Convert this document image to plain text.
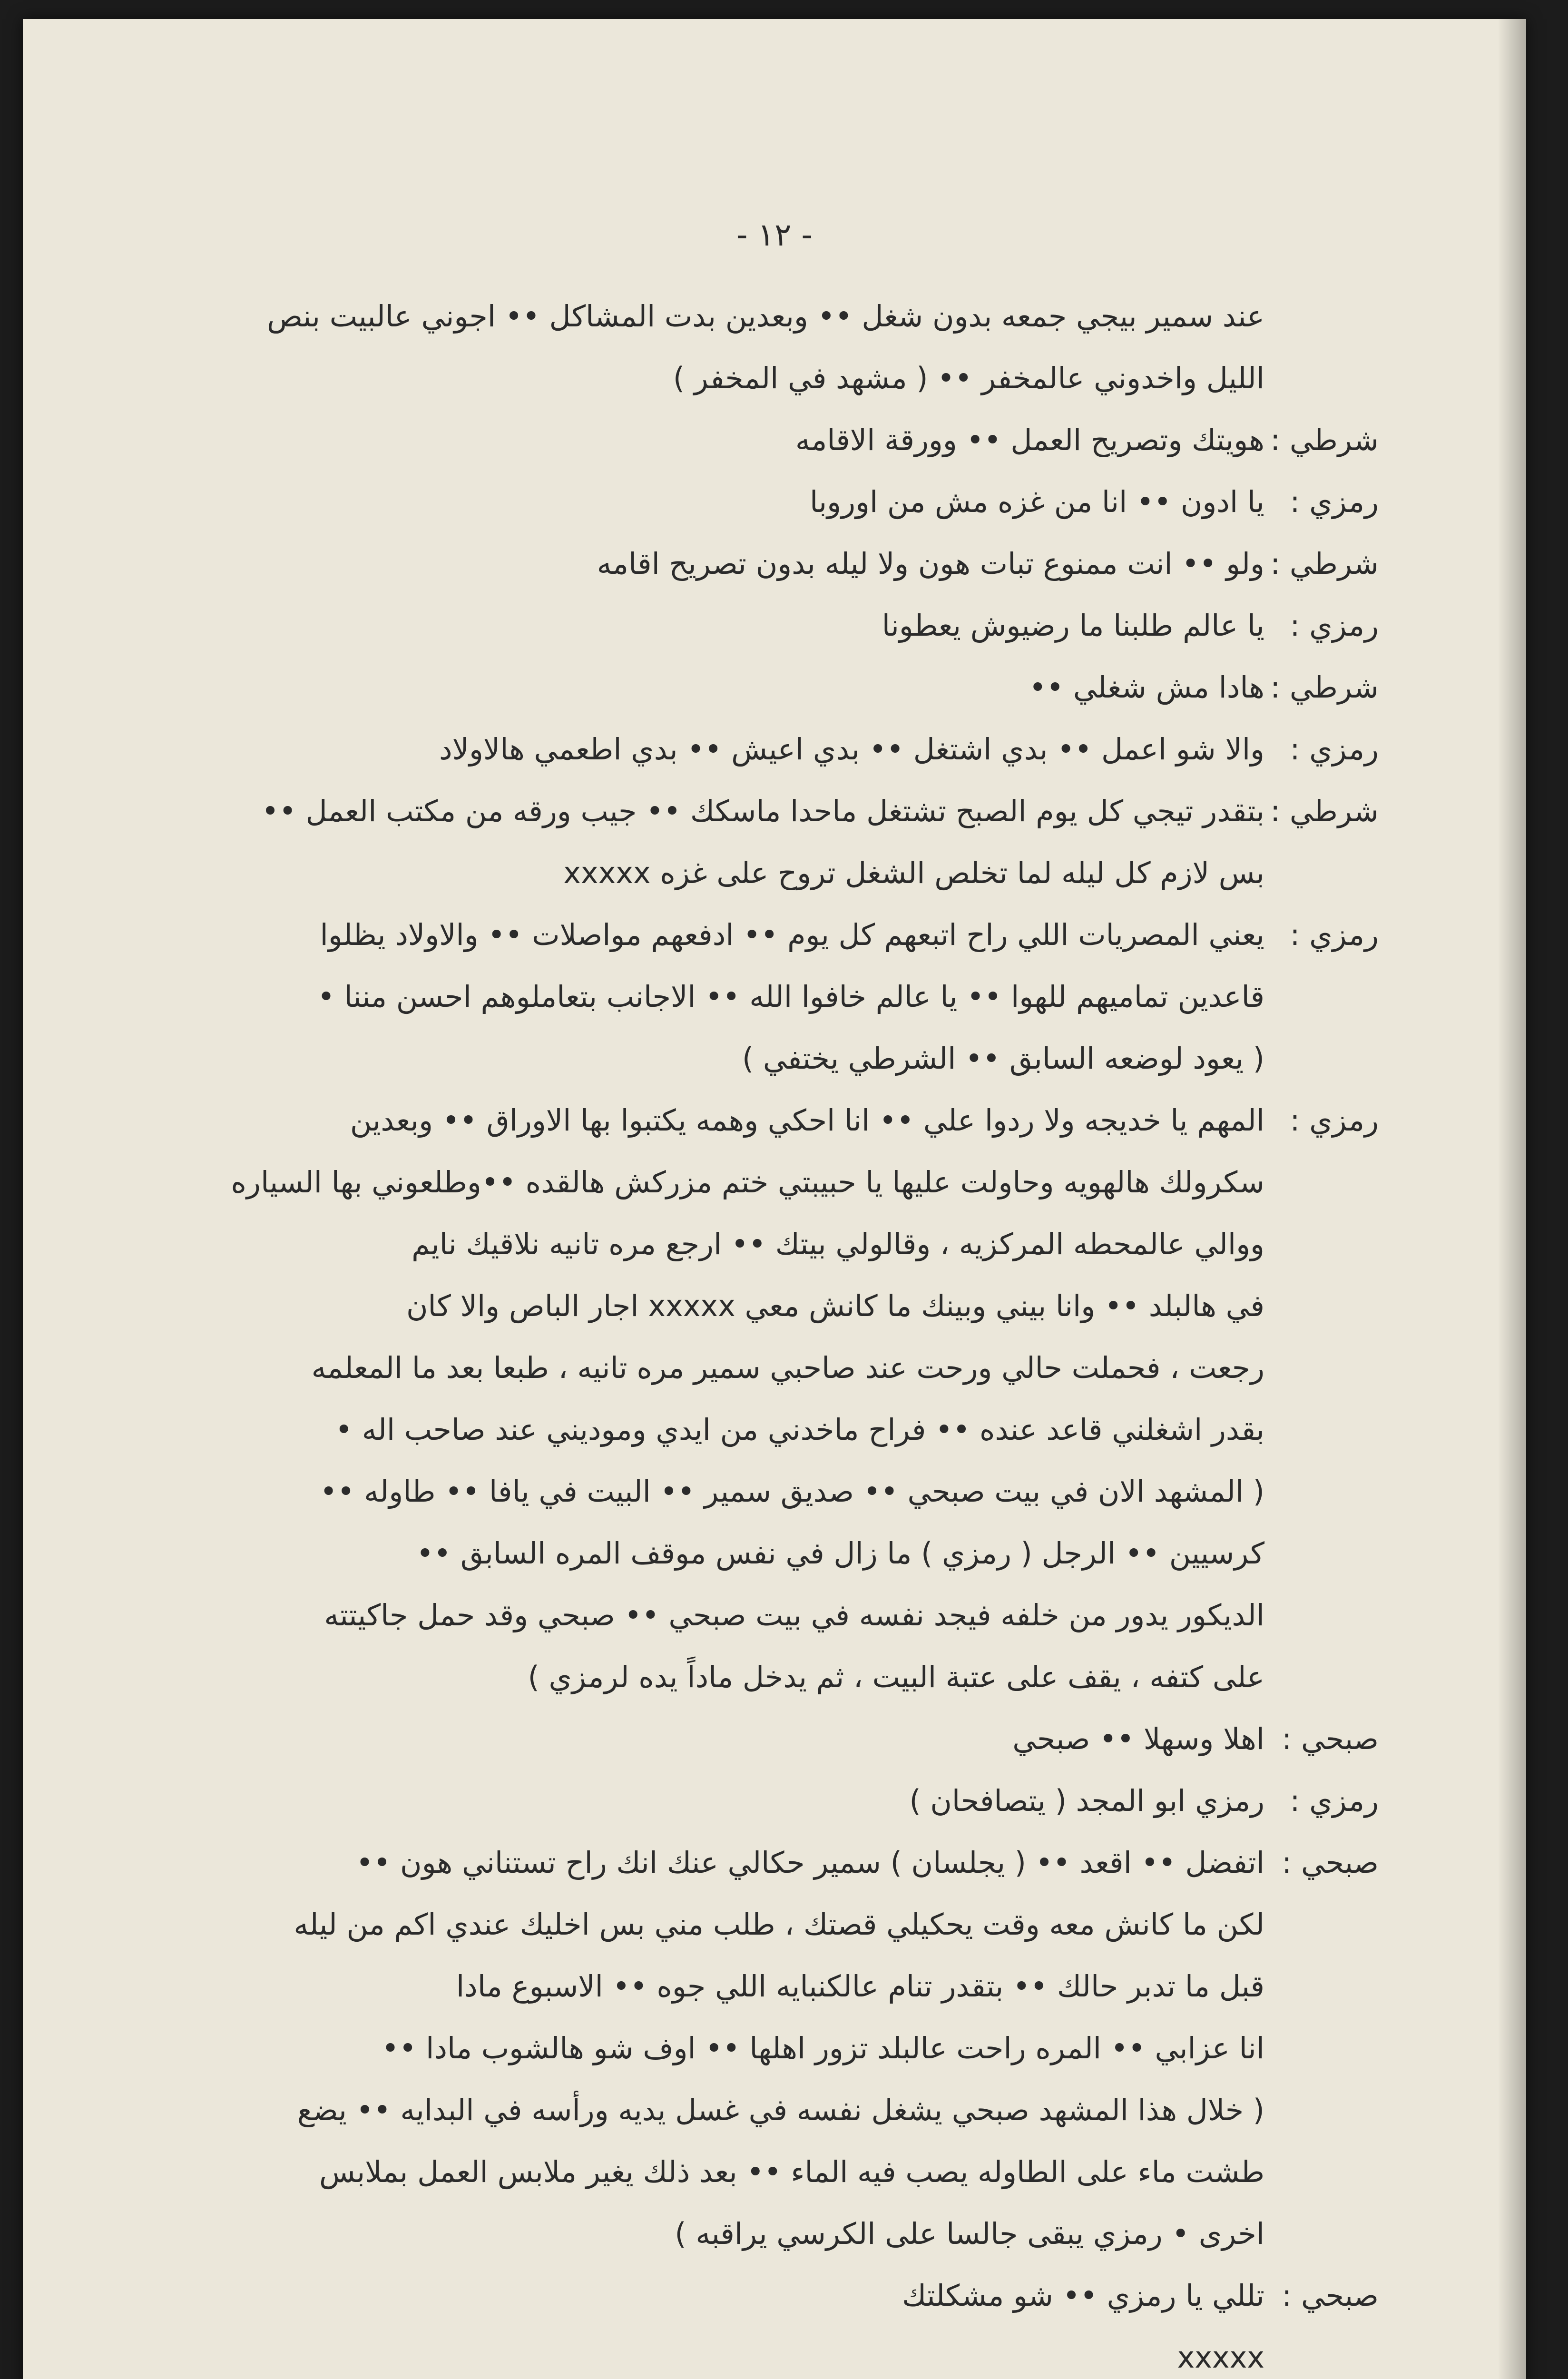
- ١٢ -
عند سمير بيجي جمعه بدون شغل •• وبعدين بدت المشاكل •• اجوني عالبيت بنص
الليل واخدوني عالمخفر •• ( مشهد في المخفر )
شرطي :هويتك وتصريح العمل •• وورقة الاقامه
رمزي :يا ادون •• انا من غزه مش من اوروبا
شرطي :ولو •• انت ممنوع تبات هون ولا ليله بدون تصريح اقامه
رمزي :يا عالم طلبنا ما رضيوش يعطونا
شرطي :هادا مش شغلي ••
رمزي :والا شو اعمل •• بدي اشتغل •• بدي اعيش •• بدي اطعمي هالاولاد
شرطي :بتقدر تيجي كل يوم الصبح تشتغل ماحدا ماسكك •• جيب ورقه من مكتب العمل ••
بس لازم كل ليله لما تخلص الشغل تروح على غزه xxxxx
رمزي :يعني المصريات اللي راح اتبعهم كل يوم •• ادفعهم مواصلات •• والاولاد يظلوا
قاعدين تماميهم للهوا •• يا عالم خافوا الله •• الاجانب بتعاملوهم احسن مننا •
( يعود لوضعه السابق •• الشرطي يختفي )
رمزي :المهم يا خديجه ولا ردوا علي •• انا احكي وهمه يكتبوا بها الاوراق •• وبعدين
سكرولك هالهويه وحاولت عليها يا حبيبتي ختم مزركش هالقده ••وطلعوني بها السياره
ووالي عالمحطه المركزيه ، وقالولي بيتك •• ارجع مره تانيه نلاقيك نايم
في هالبلد •• وانا بيني وبينك ما كانش معي xxxxx اجار الباص والا كان
رجعت ، فحملت حالي ورحت عند صاحبي سمير مره تانيه ، طبعا بعد ما المعلمه
بقدر اشغلني قاعد عنده •• فراح ماخدني من ايدي وموديني عند صاحب اله •
( المشهد الان في بيت صبحي •• صديق سمير •• البيت في يافا •• طاوله ••
كرسيين •• الرجل ( رمزي ) ما زال في نفس موقف المره السابق ••
الديكور يدور من خلفه فيجد نفسه في بيت صبحي •• صبحي وقد حمل جاكيتته
على كتفه ، يقف على عتبة البيت ، ثم يدخل ماداً يده لرمزي )
صبحي :اهلا وسهلا •• صبحي
رمزي :رمزي ابو المجد ( يتصافحان )
صبحي :اتفضل •• اقعد •• ( يجلسان ) سمير حكالي عنك انك راح تستناني هون ••
لكن ما كانش معه وقت يحكيلي قصتك ، طلب مني بس اخليك عندي اكم من ليله
قبل ما تدبر حالك •• بتقدر تنام عالكنبايه اللي جوه •• الاسبوع مادا
انا عزابي •• المره راحت عالبلد تزور اهلها •• اوف شو هالشوب مادا ••
( خلال هذا المشهد صبحي يشغل نفسه في غسل يديه ورأسه في البدايه •• يضع
طشت ماء على الطاوله يصب فيه الماء •• بعد ذلك يغير ملابس العمل بملابس
اخرى • رمزي يبقى جالسا على الكرسي يراقبه )
صبحي :تللي يا رمزي •• شو مشكلتك
xxxxx
